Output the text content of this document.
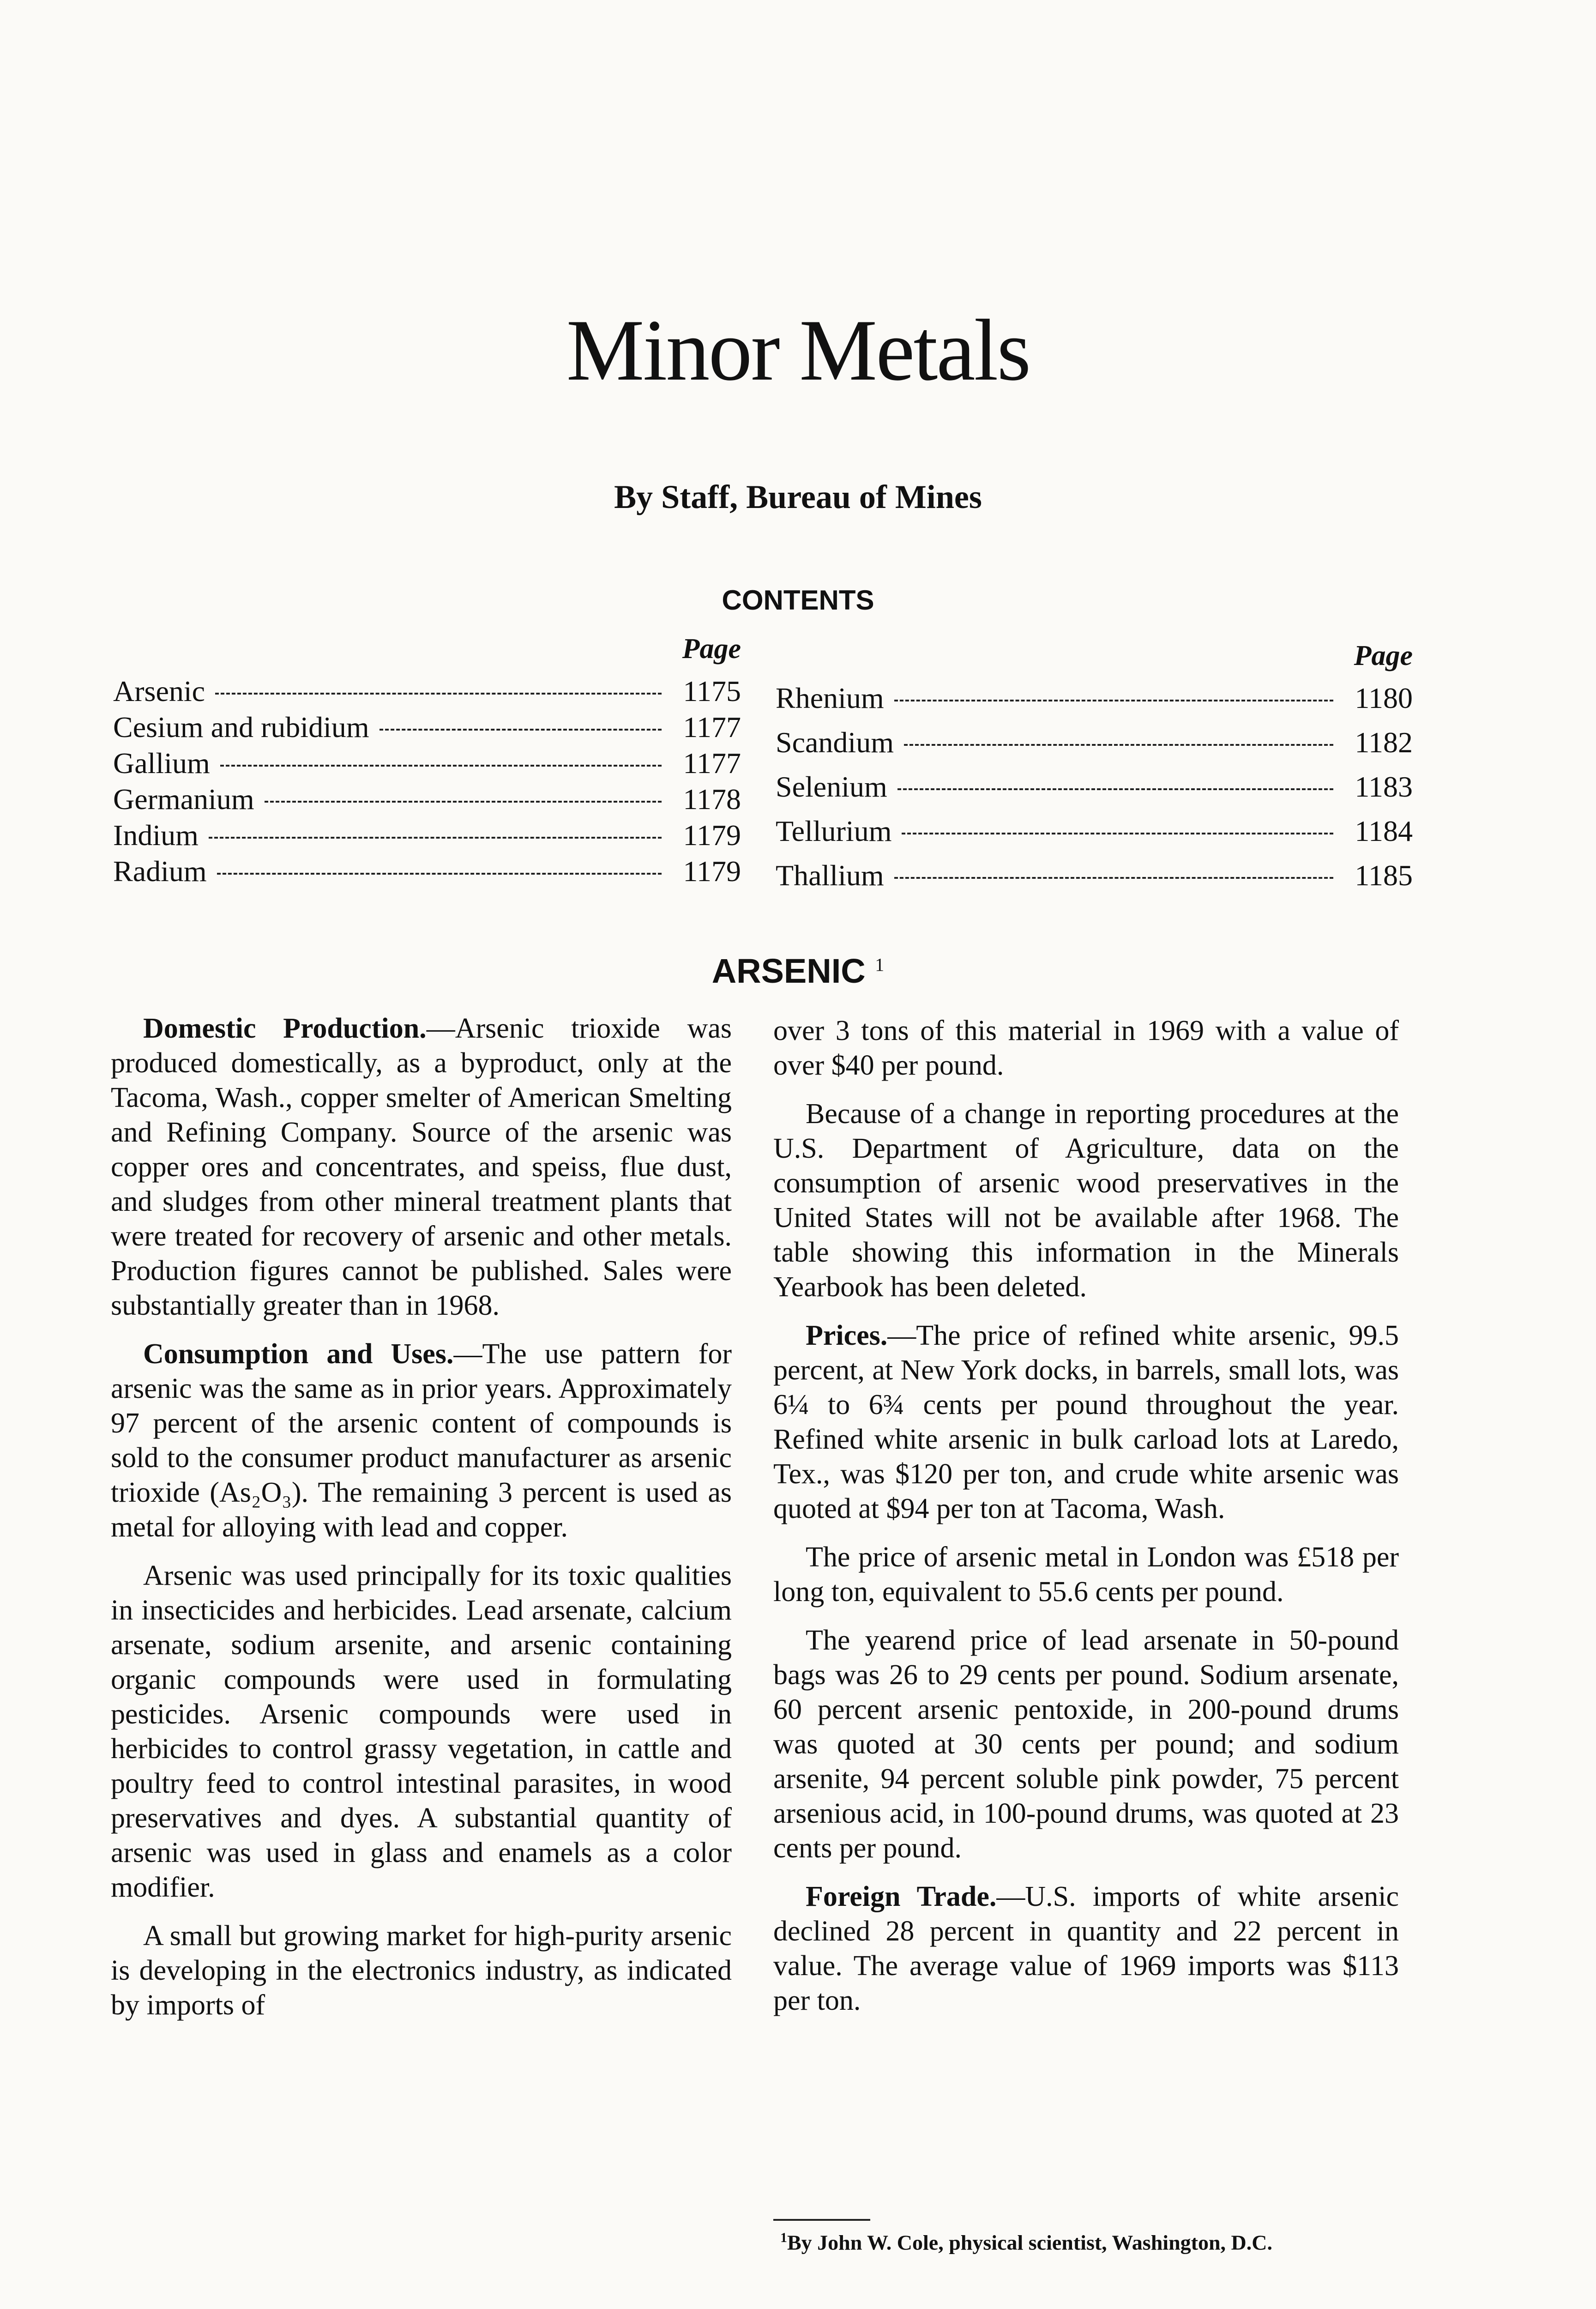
Minor Metals
By Staff, Bureau of Mines
CONTENTS
Page
Arsenic	1175
Cesium and rubidium	1177
Gallium	1177
Germanium	1178
Indium	1179
Radium	1179
Page
Rhenium	1180
Scandium	1182
Selenium	1183
Tellurium	1184
Thallium	1185
ARSENIC $^1$

Domestic Production.—Arsenic trioxide was produced domestically, as a byproduct, only at the Tacoma, Wash., copper smelter of American Smelting and Refining Company. Source of the arsenic was copper ores and concentrates, and speiss, flue dust, and sludges from other mineral treatment plants that were treated for recovery of arsenic and other metals. Production figures cannot be published. Sales were substantially greater than in 1968.

Consumption and Uses.—The use pattern for arsenic was the same as in prior years. Approximately 97 percent of the arsenic content of compounds is sold to the consumer product manufacturer as arsenic trioxide (As₂O₃). The remaining 3 percent is used as metal for alloying with lead and copper.

Arsenic was used principally for its toxic qualities in insecticides and herbicides. Lead arsenate, calcium arsenate, sodium arsenite, and arsenic containing organic compounds were used in formulating pesticides. Arsenic compounds were used in herbicides to control grassy vegetation, in cattle and poultry feed to control intestinal parasites, in wood preservatives and dyes. A substantial quantity of arsenic was used in glass and enamels as a color modifier.

A small but growing market for high-purity arsenic is developing in the electronics industry, as indicated by imports of

over 3 tons of this material in 1969 with a value of over $40 per pound.

Because of a change in reporting procedures at the U.S. Department of Agriculture, data on the consumption of arsenic wood preservatives in the United States will not be available after 1968. The table showing this information in the Minerals Yearbook has been deleted.

Prices.—The price of refined white arsenic, 99.5 percent, at New York docks, in barrels, small lots, was 6¼ to 6¾ cents per pound throughout the year. Refined white arsenic in bulk carload lots at Laredo, Tex., was $120 per ton, and crude white arsenic was quoted at $94 per ton at Tacoma, Wash.

The price of arsenic metal in London was £518 per long ton, equivalent to 55.6 cents per pound.

The yearend price of lead arsenate in 50-pound bags was 26 to 29 cents per pound. Sodium arsenate, 60 percent arsenic pentoxide, in 200-pound drums was quoted at 30 cents per pound; and sodium arsenite, 94 percent soluble pink powder, 75 percent arsenious acid, in 100-pound drums, was quoted at 23 cents per pound.

Foreign Trade.—U.S. imports of white arsenic declined 28 percent in quantity and 22 percent in value. The average value of 1969 imports was $113 per ton.

$^1$By John W. Cole, physical scientist, Washington, D.C.
